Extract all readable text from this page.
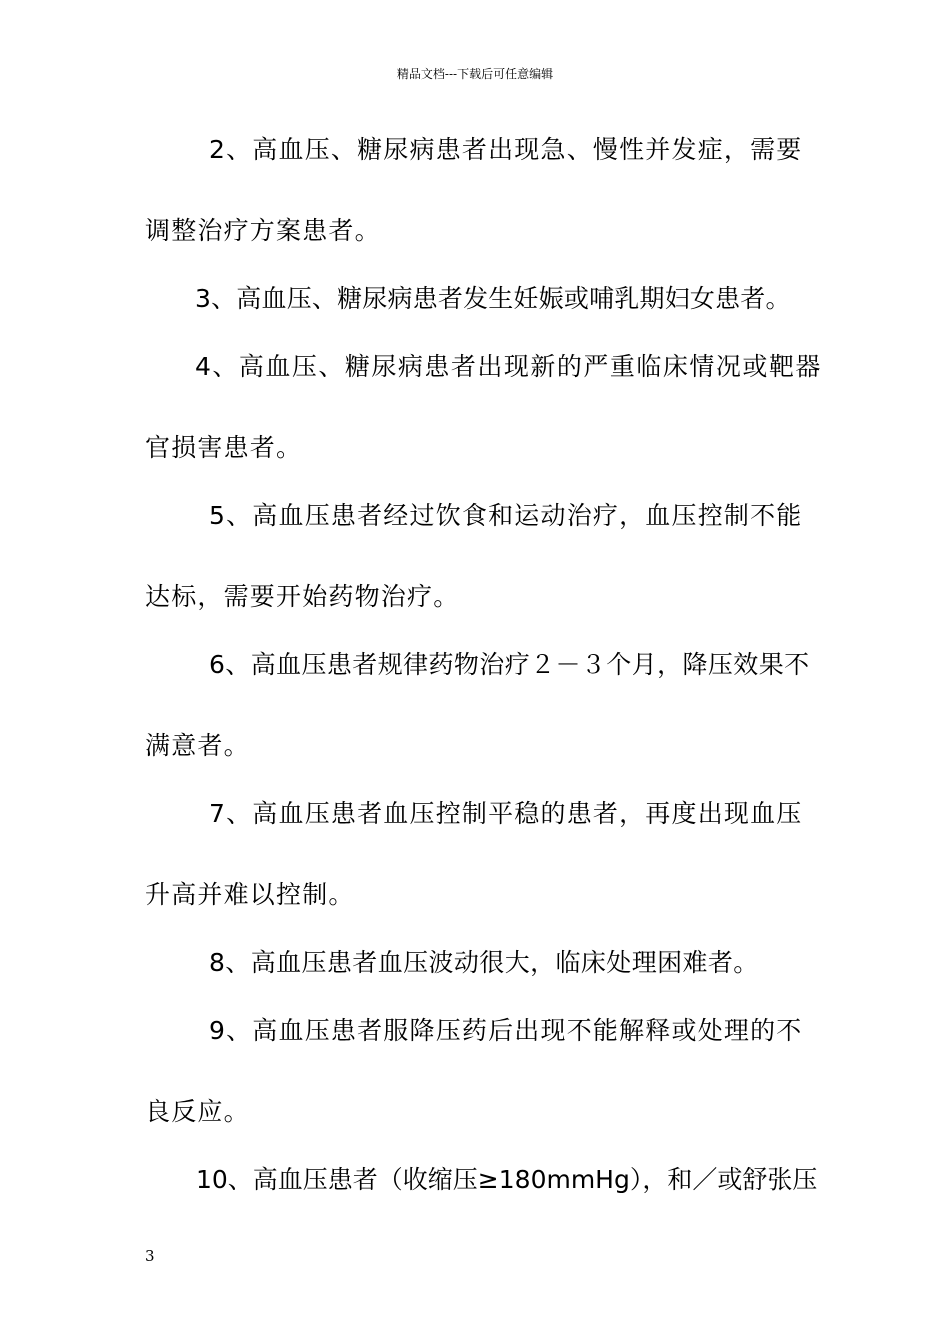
精品文档---下载后可任意编辑
2、高血压、糖尿病患者出现急、慢性并发症，需要
调整治疗方案患者。
3、高血压、糖尿病患者发生妊娠或哺乳期妇女患者。
4、高血压、糖尿病患者出现新的严重临床情况或靶器
官损害患者。
5、高血压患者经过饮食和运动治疗，血压控制不能
达标，需要开始药物治疗。
6、高血压患者规律药物治疗２－３个月，降压效果不
满意者。
7、高血压患者血压控制平稳的患者，再度出现血压
升高并难以控制。
8、高血压患者血压波动很大，临床处理困难者。
9、高血压患者服降压药后出现不能解释或处理的不
良反应。
10、高血压患者（收缩压≥180mmHg），和／或舒张压
3
